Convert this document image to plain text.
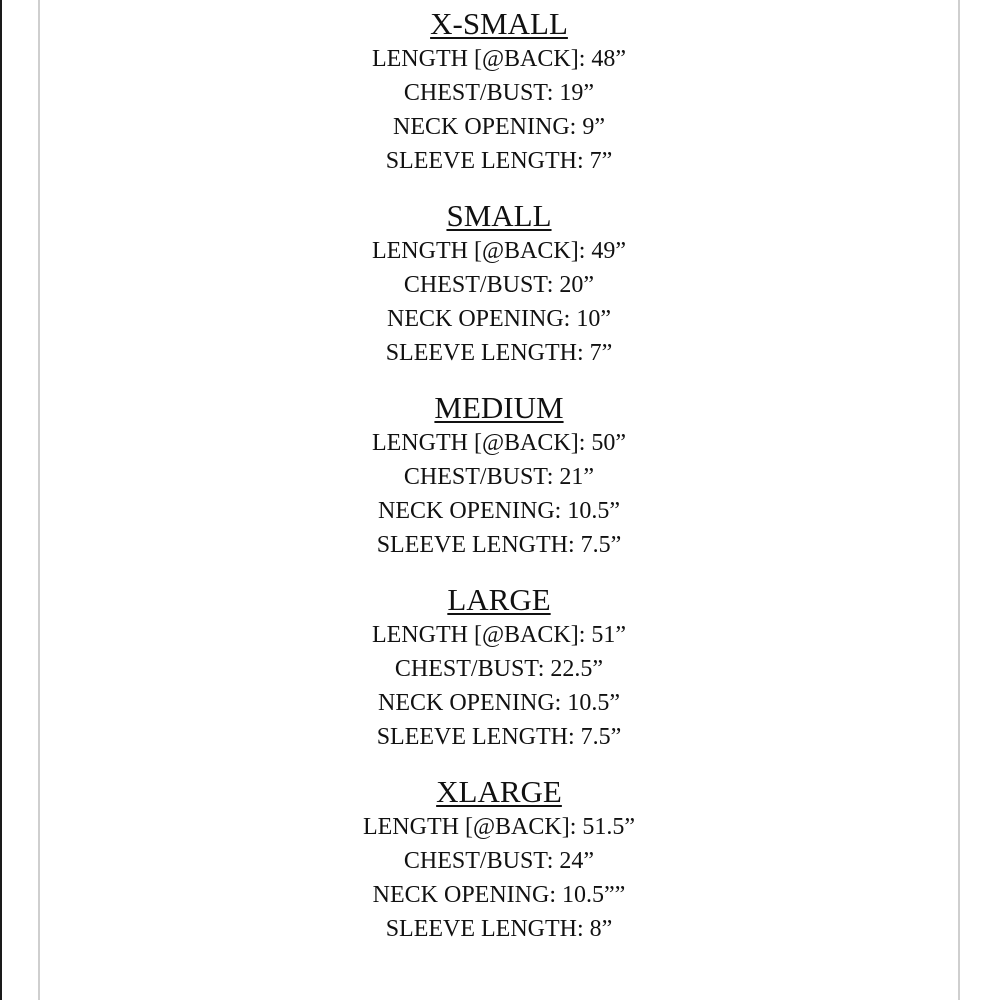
X-SMALL
LENGTH [@BACK]: 48”
CHEST/BUST: 19”
NECK OPENING: 9”
SLEEVE LENGTH: 7”
SMALL
LENGTH [@BACK]: 49”
CHEST/BUST: 20”
NECK OPENING: 10”
SLEEVE LENGTH: 7”
MEDIUM
LENGTH [@BACK]: 50”
CHEST/BUST: 21”
NECK OPENING: 10.5”
SLEEVE LENGTH: 7.5”
LARGE
LENGTH [@BACK]: 51”
CHEST/BUST: 22.5”
NECK OPENING: 10.5”
SLEEVE LENGTH: 7.5”
XLARGE
LENGTH [@BACK]: 51.5”
CHEST/BUST: 24”
NECK OPENING: 10.5””
SLEEVE LENGTH: 8”
